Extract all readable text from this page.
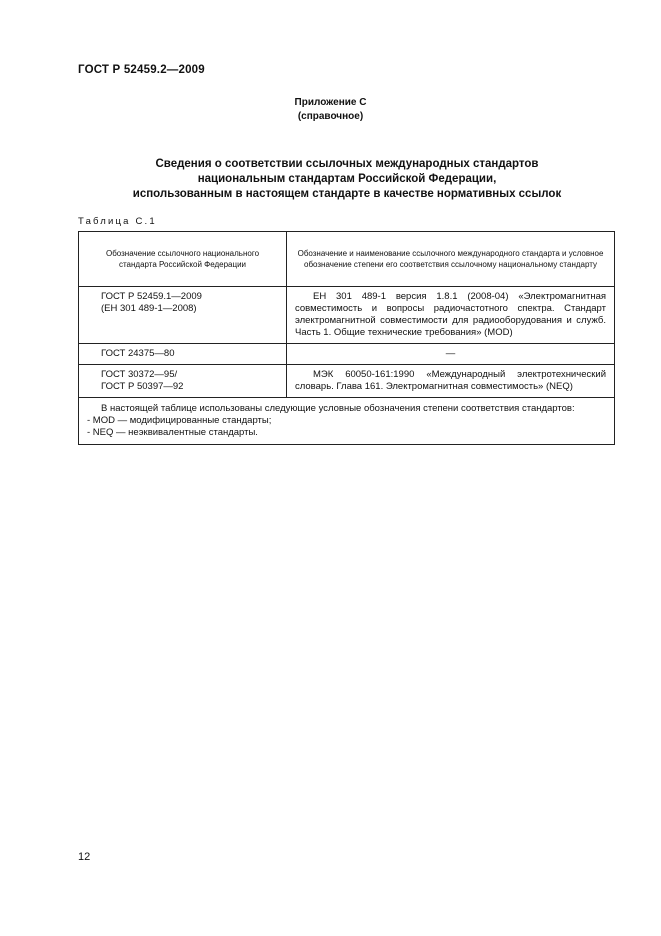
ГОСТ Р 52459.2—2009
Приложение С
(справочное)
Сведения о соответствии ссылочных международных стандартов
национальным стандартам Российской Федерации,
использованным в настоящем стандарте в качестве нормативных ссылок
Таблица С.1
Обозначение ссылочного национального стандарта Российской Федерации	Обозначение и наименование ссылочного международного стандарта и условное обозначение степени его соответствия ссылочному национальному стандарту

ГОСТ Р 52459.1—2009
(ЕН 301 489-1—2008)	ЕН 301 489-1 версия 1.8.1 (2008-04) «Электромагнитная совместимость и вопросы радиочастотного спектра. Стандарт электромагнитной совместимости для радиооборудования и служб. Часть 1. Общие технические требования» (MOD)

ГОСТ 24375—80	—

ГОСТ 30372—95/
ГОСТ Р 50397—92	МЭК 60050-161:1990 «Международный электротехнический словарь. Глава 161. Электромагнитная совместимость» (NEQ)

В настоящей таблице использованы следующие условные обозначения степени соответствия стандартов:
- MOD — модифицированные стандарты;
- NEQ — неэквивалентные стандарты.	
12
